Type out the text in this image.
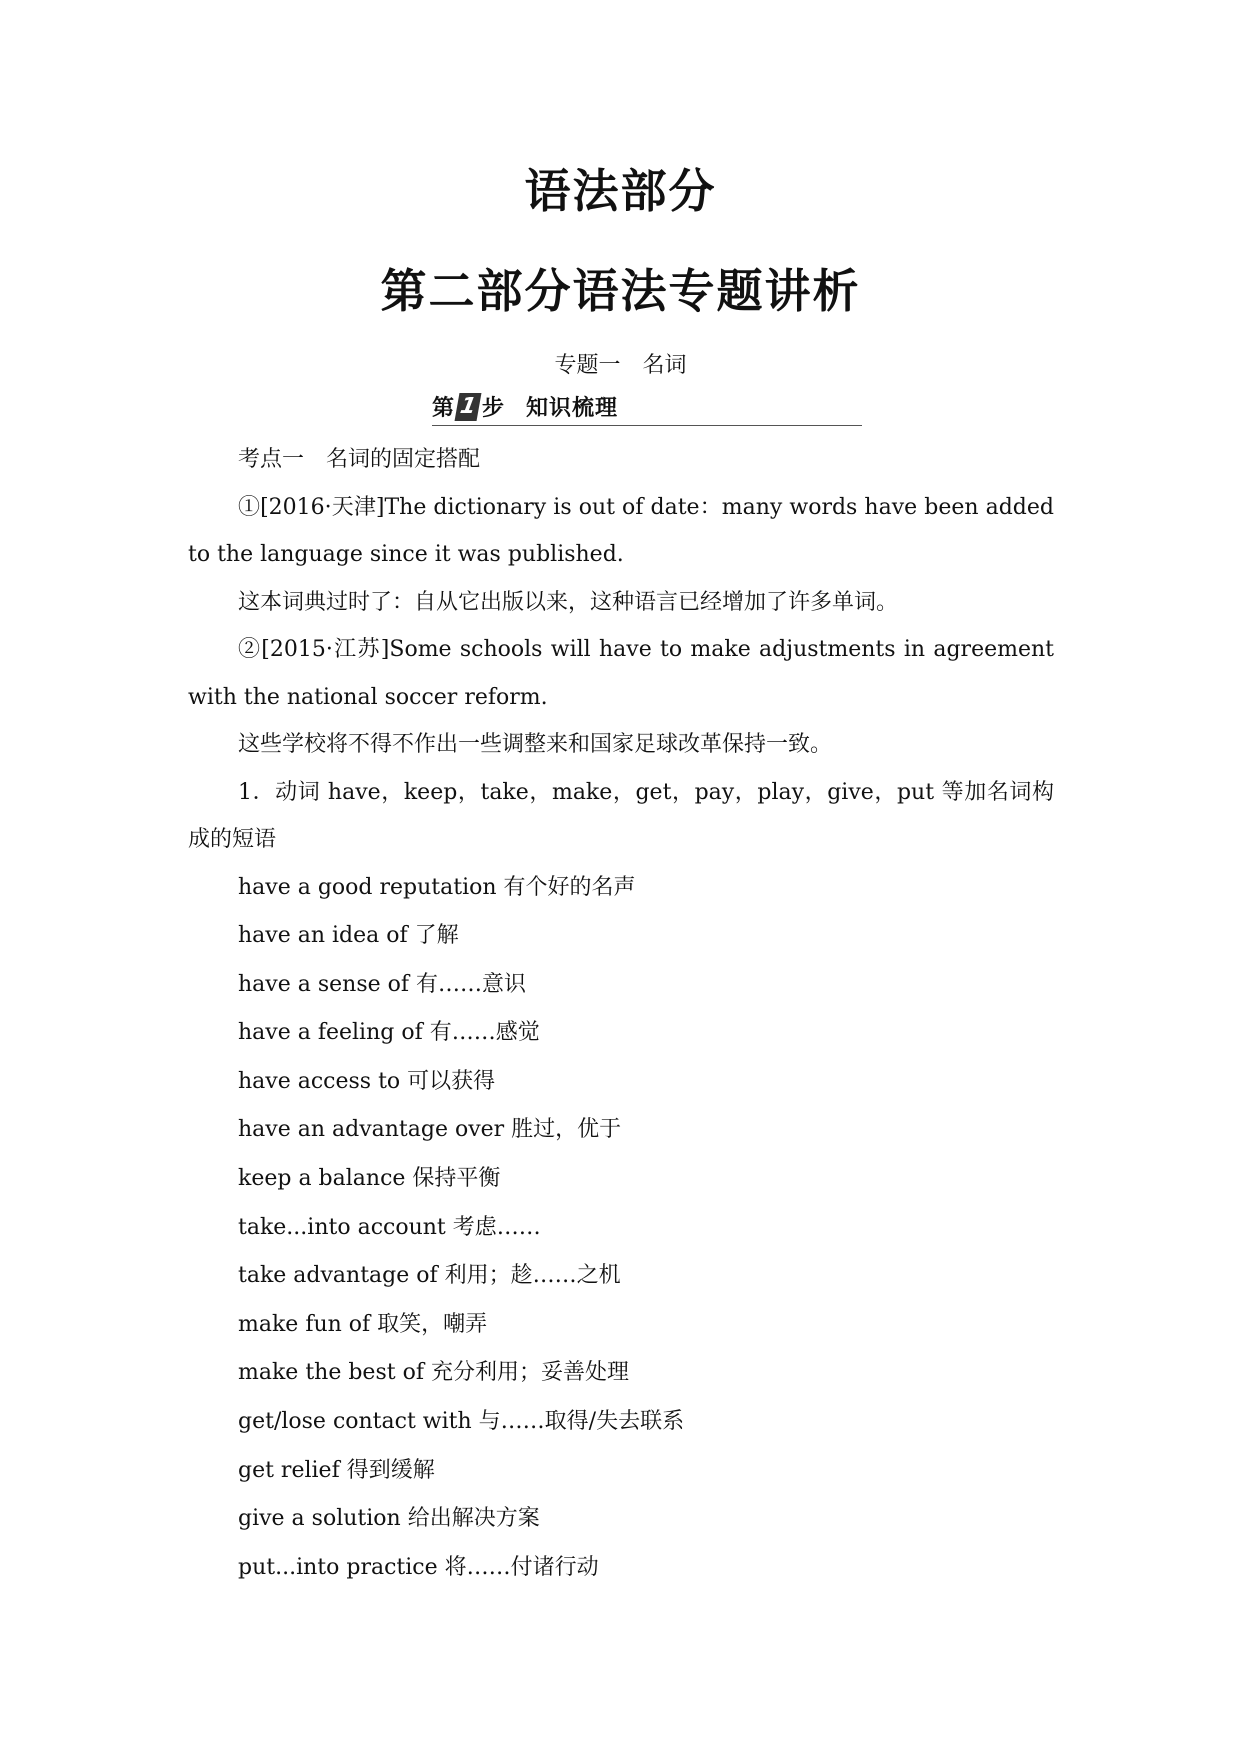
语法部分
第二部分语法专题讲析
专题一　名词
第 1 步 知识梳理

考点一　名词的固定搭配

①[2016·天津]The dictionary is out of date：many words have been added to the language since it was published.

这本词典过时了：自从它出版以来，这种语言已经增加了许多单词。

②[2015·江苏]Some schools will have to make adjustments in agreement with the national soccer reform.

这些学校将不得不作出一些调整来和国家足球改革保持一致。

1．动词 have，keep，take，make，get，pay，play，give，put 等加名词构成的短语

have a good reputation 有个好的名声
have an idea of 了解
have a sense of 有……意识
have a feeling of 有……感觉
have access to 可以获得
have an advantage over 胜过，优于
keep a balance 保持平衡
take...into account 考虑……
take advantage of 利用；趁……之机
make fun of 取笑，嘲弄
make the best of 充分利用；妥善处理
get/lose contact with 与……取得/失去联系
get relief 得到缓解
give a solution 给出解决方案
put...into practice 将……付诸行动
